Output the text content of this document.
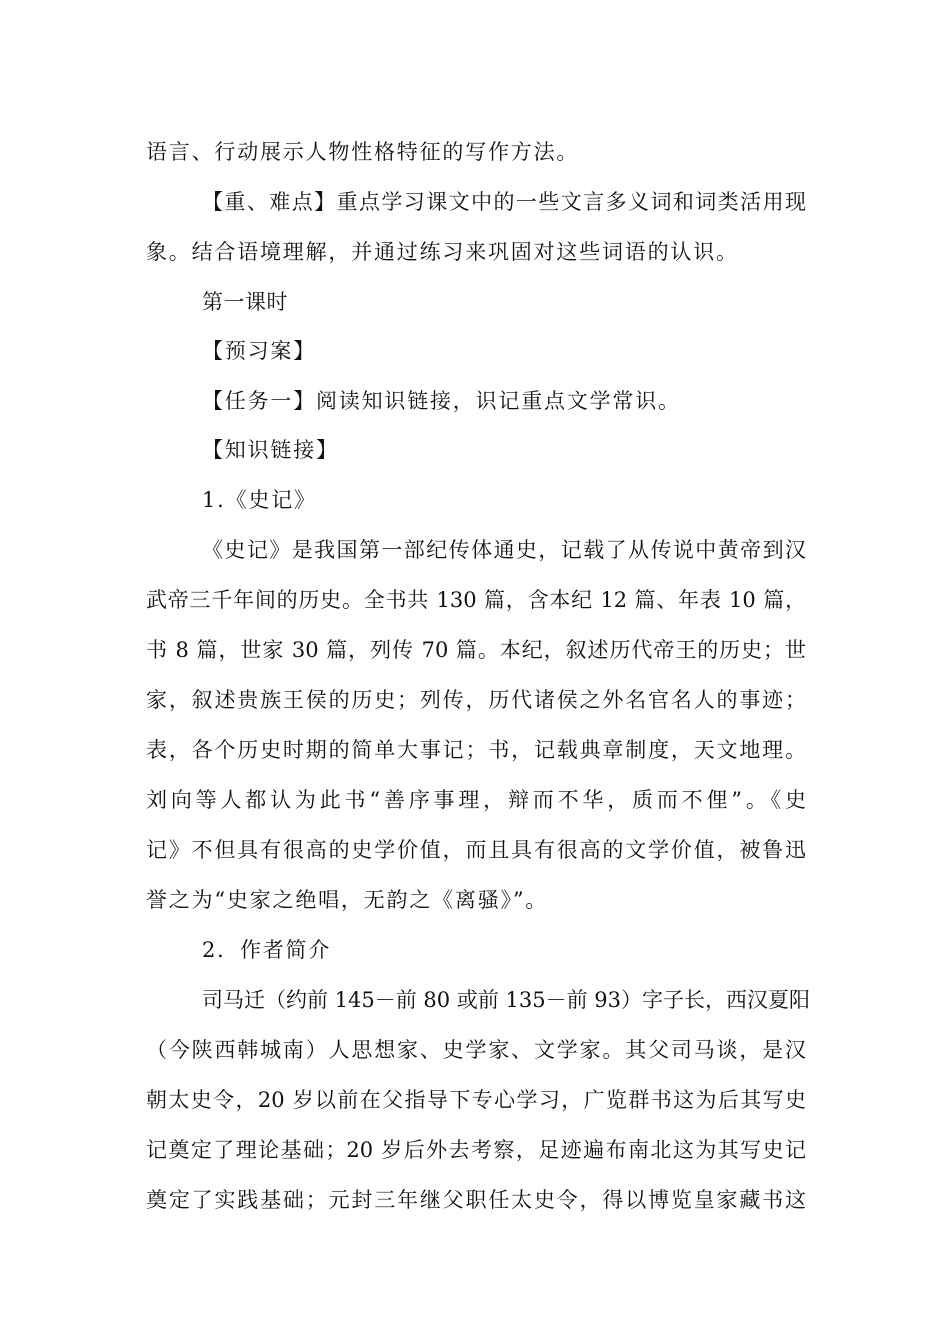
语言、行动展示人物性格特征的写作方法。
【重、难点】重点学习课文中的一些文言多义词和词类活用现
象。结合语境理解，并通过练习来巩固对这些词语的认识。
第一课时
【预习案】
【任务一】阅读知识链接，识记重点文学常识。
【知识链接】
1.《史记》
《史记》是我国第一部纪传体通史，记载了从传说中黄帝到汉
武帝三千年间的历史。全书共 130 篇，含本纪 12 篇、年表 10 篇，
书 8 篇，世家 30 篇，列传 70 篇。本纪，叙述历代帝王的历史；世
家，叙述贵族王侯的历史；列传，历代诸侯之外名官名人的事迹；
表，各个历史时期的简单大事记；书，记载典章制度，天文地理。
刘向等人都认为此书“善序事理，辩而不华，质而不俚”。《史
记》不但具有很高的史学价值，而且具有很高的文学价值，被鲁迅
誉之为“史家之绝唱，无韵之《离骚》”。
2．作者简介
司马迁（约前 145－前 80 或前 135－前 93）字子长，西汉夏阳
（今陕西韩城南）人思想家、史学家、文学家。其父司马谈，是汉
朝太史令，20 岁以前在父指导下专心学习，广览群书这为后其写史
记奠定了理论基础；20 岁后外去考察，足迹遍布南北这为其写史记
奠定了实践基础；元封三年继父职任太史令，得以博览皇家藏书这
